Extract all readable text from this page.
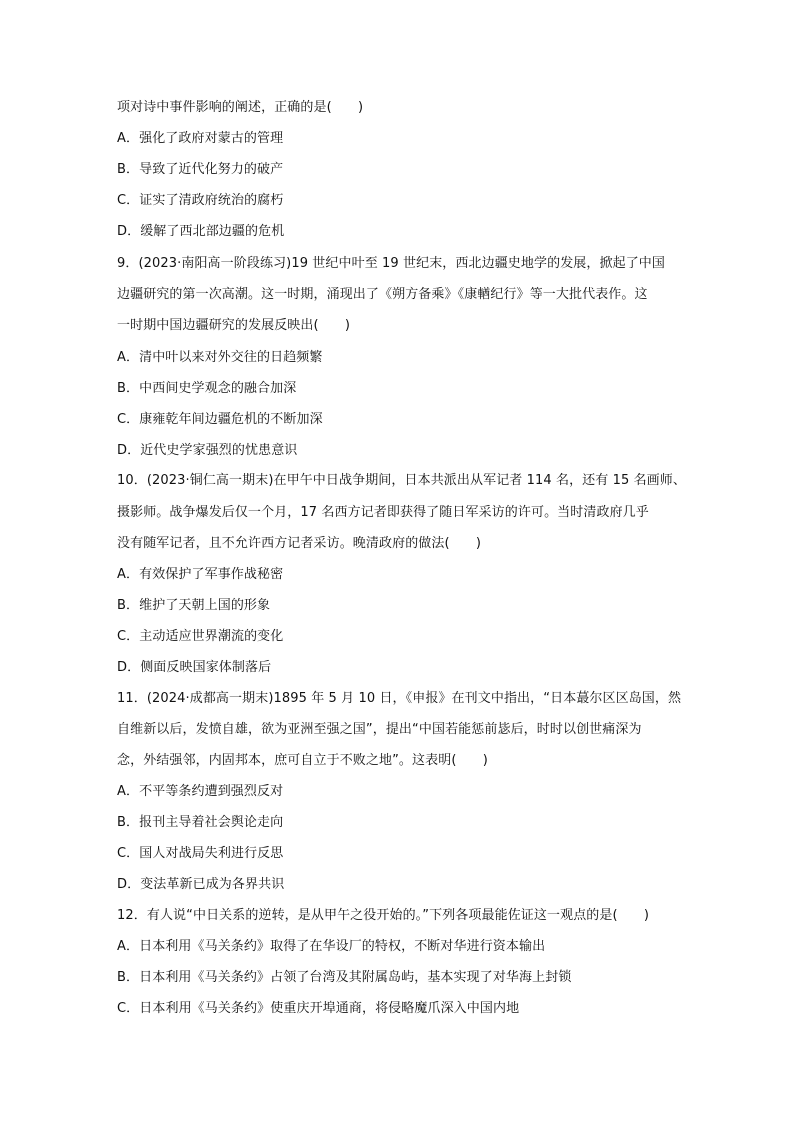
项对诗中事件影响的阐述，正确的是(　　)
A．强化了政府对蒙古的管理
B．导致了近代化努力的破产
C．证实了清政府统治的腐朽
D．缓解了西北部边疆的危机
9．(2023·南阳高一阶段练习)19 世纪中叶至 19 世纪末，西北边疆史地学的发展，掀起了中国
边疆研究的第一次高潮。这一时期，涌现出了《朔方备乘》《康輶纪行》等一大批代表作。这
一时期中国边疆研究的发展反映出(　　)
A．清中叶以来对外交往的日趋频繁
B．中西间史学观念的融合加深
C．康雍乾年间边疆危机的不断加深
D．近代史学家强烈的忧患意识
10．(2023·铜仁高一期末)在甲午中日战争期间，日本共派出从军记者 114 名，还有 15 名画师、
摄影师。战争爆发后仅一个月，17 名西方记者即获得了随日军采访的许可。当时清政府几乎
没有随军记者，且不允许西方记者采访。晚清政府的做法(　　)
A．有效保护了军事作战秘密
B．维护了天朝上国的形象
C．主动适应世界潮流的变化
D．侧面反映国家体制落后
11．(2024·成都高一期末)1895 年 5 月 10 日，《申报》在刊文中指出，“日本蕞尔区区岛国，然
自维新以后，发愤自雄，欲为亚洲至强之国”，提出“中国若能惩前毖后，时时以创世痛深为
念，外结强邻，内固邦本，庶可自立于不败之地”。这表明(　　)
A．不平等条约遭到强烈反对
B．报刊主导着社会舆论走向
C．国人对战局失利进行反思
D．变法革新已成为各界共识
12．有人说“中日关系的逆转，是从甲午之役开始的。”下列各项最能佐证这一观点的是(　　)
A．日本利用《马关条约》取得了在华设厂的特权，不断对华进行资本输出
B．日本利用《马关条约》占领了台湾及其附属岛屿，基本实现了对华海上封锁
C．日本利用《马关条约》使重庆开埠通商，将侵略魔爪深入中国内地
